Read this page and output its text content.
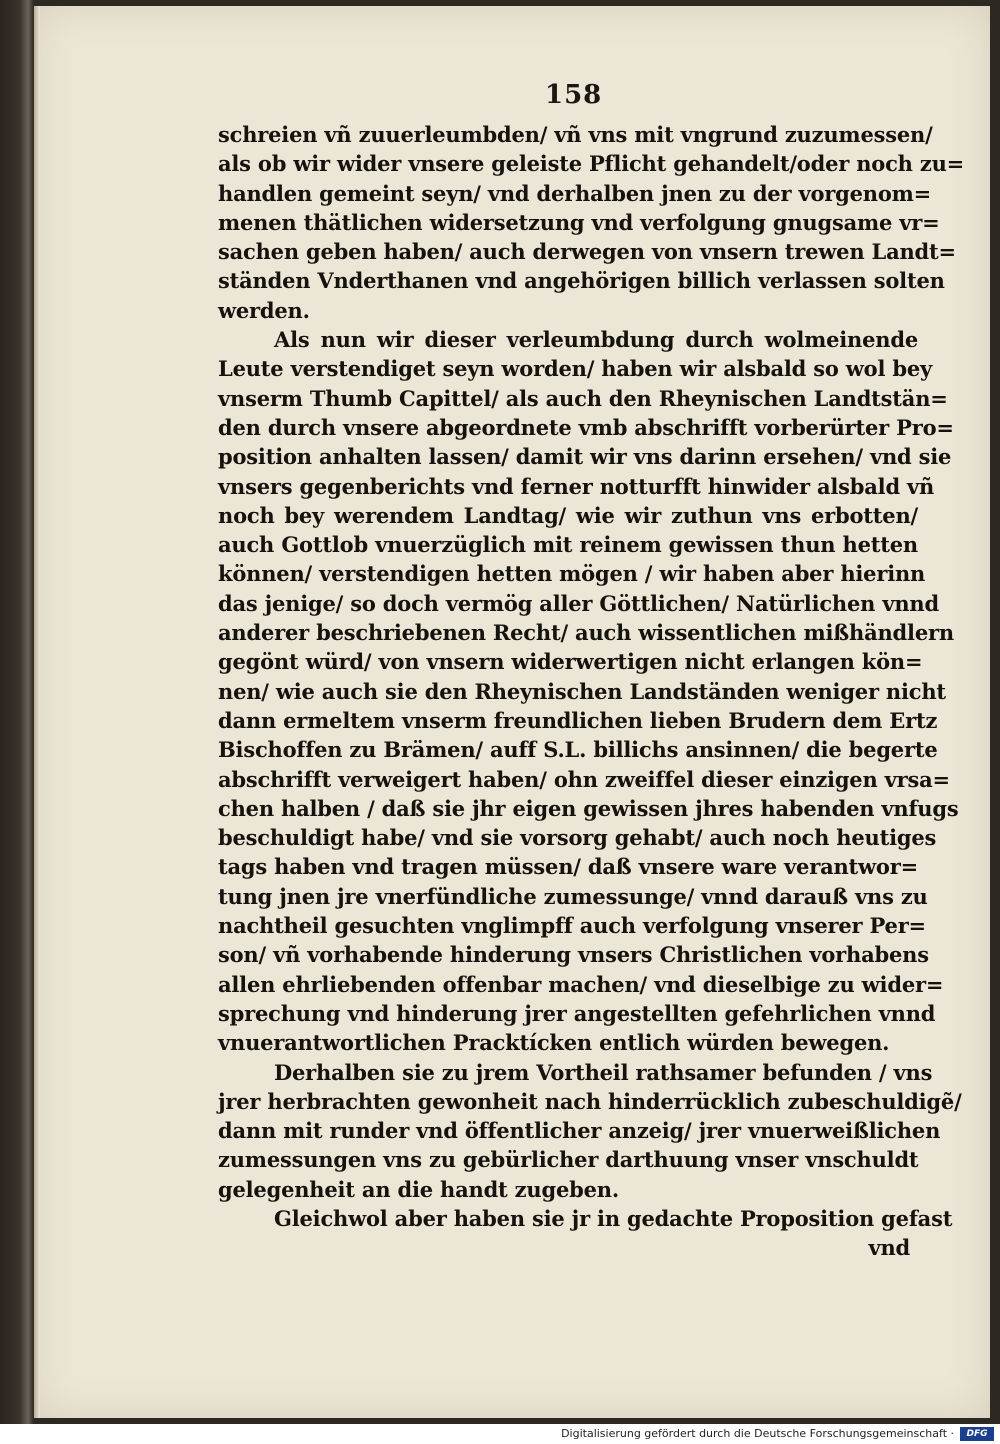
158
schreien vñ zuuerleumbden/ vñ vns mit vngrund zuzumessen/
als ob wir wider vnsere geleiste Pflicht gehandelt/oder noch zu=
handlen gemeint seyn/ vnd derhalben jnen zu der vorgenom=
menen thätlichen widersetzung vnd verfolgung gnugsame vr=
sachen geben haben/ auch derwegen von vnsern trewen Landt=
ständen Vnderthanen vnd angehörigen billich verlassen solten
werden.
Als nun wir dieser verleumbdung durch wolmeinende
Leute verstendiget seyn worden/ haben wir alsbald so wol bey
vnserm Thumb Capittel/ als auch den Rheynischen Landtstän=
den durch vnsere abgeordnete vmb abschrifft vorberürter Pro=
position anhalten lassen/ damit wir vns darinn ersehen/ vnd sie
vnsers gegenberichts vnd ferner notturfft hinwider alsbald vñ
noch bey werendem Landtag/ wie wir zuthun vns erbotten/
auch Gottlob vnuerzüglich mit reinem gewissen thun hetten
können/ verstendigen hetten mögen / wir haben aber hierinn
das jenige/ so doch vermög aller Göttlichen/ Natürlichen vnnd
anderer beschriebenen Recht/ auch wissentlichen mißhändlern
gegönt würd/ von vnsern widerwertigen nicht erlangen kön=
nen/ wie auch sie den Rheynischen Landständen weniger nicht
dann ermeltem vnserm freundlichen lieben Brudern dem Ertz
Bischoffen zu Brämen/ auff S.L. billichs ansinnen/ die begerte
abschrifft verweigert haben/ ohn zweiffel dieser einzigen vrsa=
chen halben / daß sie jhr eigen gewissen jhres habenden vnfugs
beschuldigt habe/ vnd sie vorsorg gehabt/ auch noch heutiges
tags haben vnd tragen müssen/ daß vnsere ware verantwor=
tung jnen jre vnerfündliche zumessunge/ vnnd darauß vns zu
nachtheil gesuchten vnglimpff auch verfolgung vnserer Per=
son/ vñ vorhabende hinderung vnsers Christlichen vorhabens
allen ehrliebenden offenbar machen/ vnd dieselbige zu wider=
sprechung vnd hinderung jrer angestellten gefehrlichen vnnd
vnuerantwortlichen Pracktícken entlich würden bewegen.
Derhalben sie zu jrem Vortheil rathsamer befunden / vns
jrer herbrachten gewonheit nach hinderrücklich zubeschuldigẽ/
dann mit runder vnd öffentlicher anzeig/ jrer vnuerweißlichen
zumessungen vns zu gebürlicher darthuung vnser vnschuldt
gelegenheit an die handt zugeben.
Gleichwol aber haben sie jr in gedachte Proposition gefast
vnd
Digitalisierung gefördert durch die Deutsche Forschungsgemeinschaft ·	DFG
